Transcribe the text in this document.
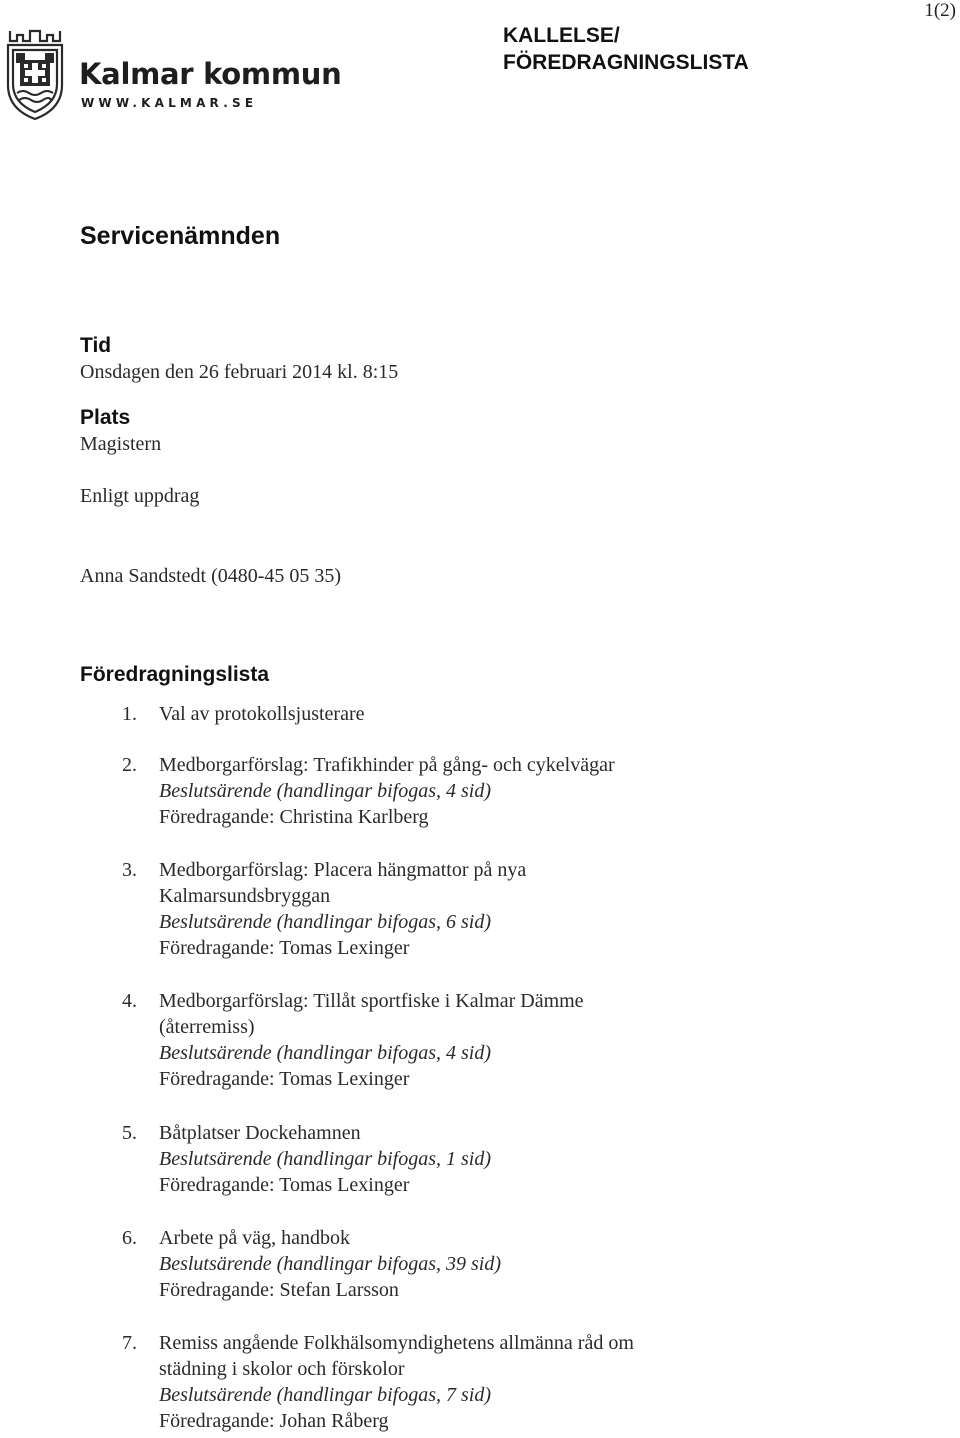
1(2)
Kalmar kommun
WWW.KALMAR.SE
KALLELSE/
FÖREDRAGNINGSLISTA
Servicenämnden
Tid
Onsdagen den 26 februari 2014 kl. 8:15
Plats
Magistern
Enligt uppdrag
Anna Sandstedt (0480-45 05 35)
Föredragningslista
1. Val av protokollsjusterare
2. Medborgarförslag: Trafikhinder på gång- och cykelvägar
Beslutsärende (handlingar bifogas, 4 sid)
Föredragande: Christina Karlberg
3. Medborgarförslag: Placera hängmattor på nya
Kalmarsundsbryggan
Beslutsärende (handlingar bifogas, 6 sid)
Föredragande: Tomas Lexinger
4. Medborgarförslag: Tillåt sportfiske i Kalmar Dämme
(återremiss)
Beslutsärende (handlingar bifogas, 4 sid)
Föredragande: Tomas Lexinger
5. Båtplatser Dockehamnen
Beslutsärende (handlingar bifogas, 1 sid)
Föredragande: Tomas Lexinger
6. Arbete på väg, handbok
Beslutsärende (handlingar bifogas, 39 sid)
Föredragande: Stefan Larsson
7. Remiss angående Folkhälsomyndighetens allmänna råd om
städning i skolor och förskolor
Beslutsärende (handlingar bifogas, 7 sid)
Föredragande: Johan Råberg
